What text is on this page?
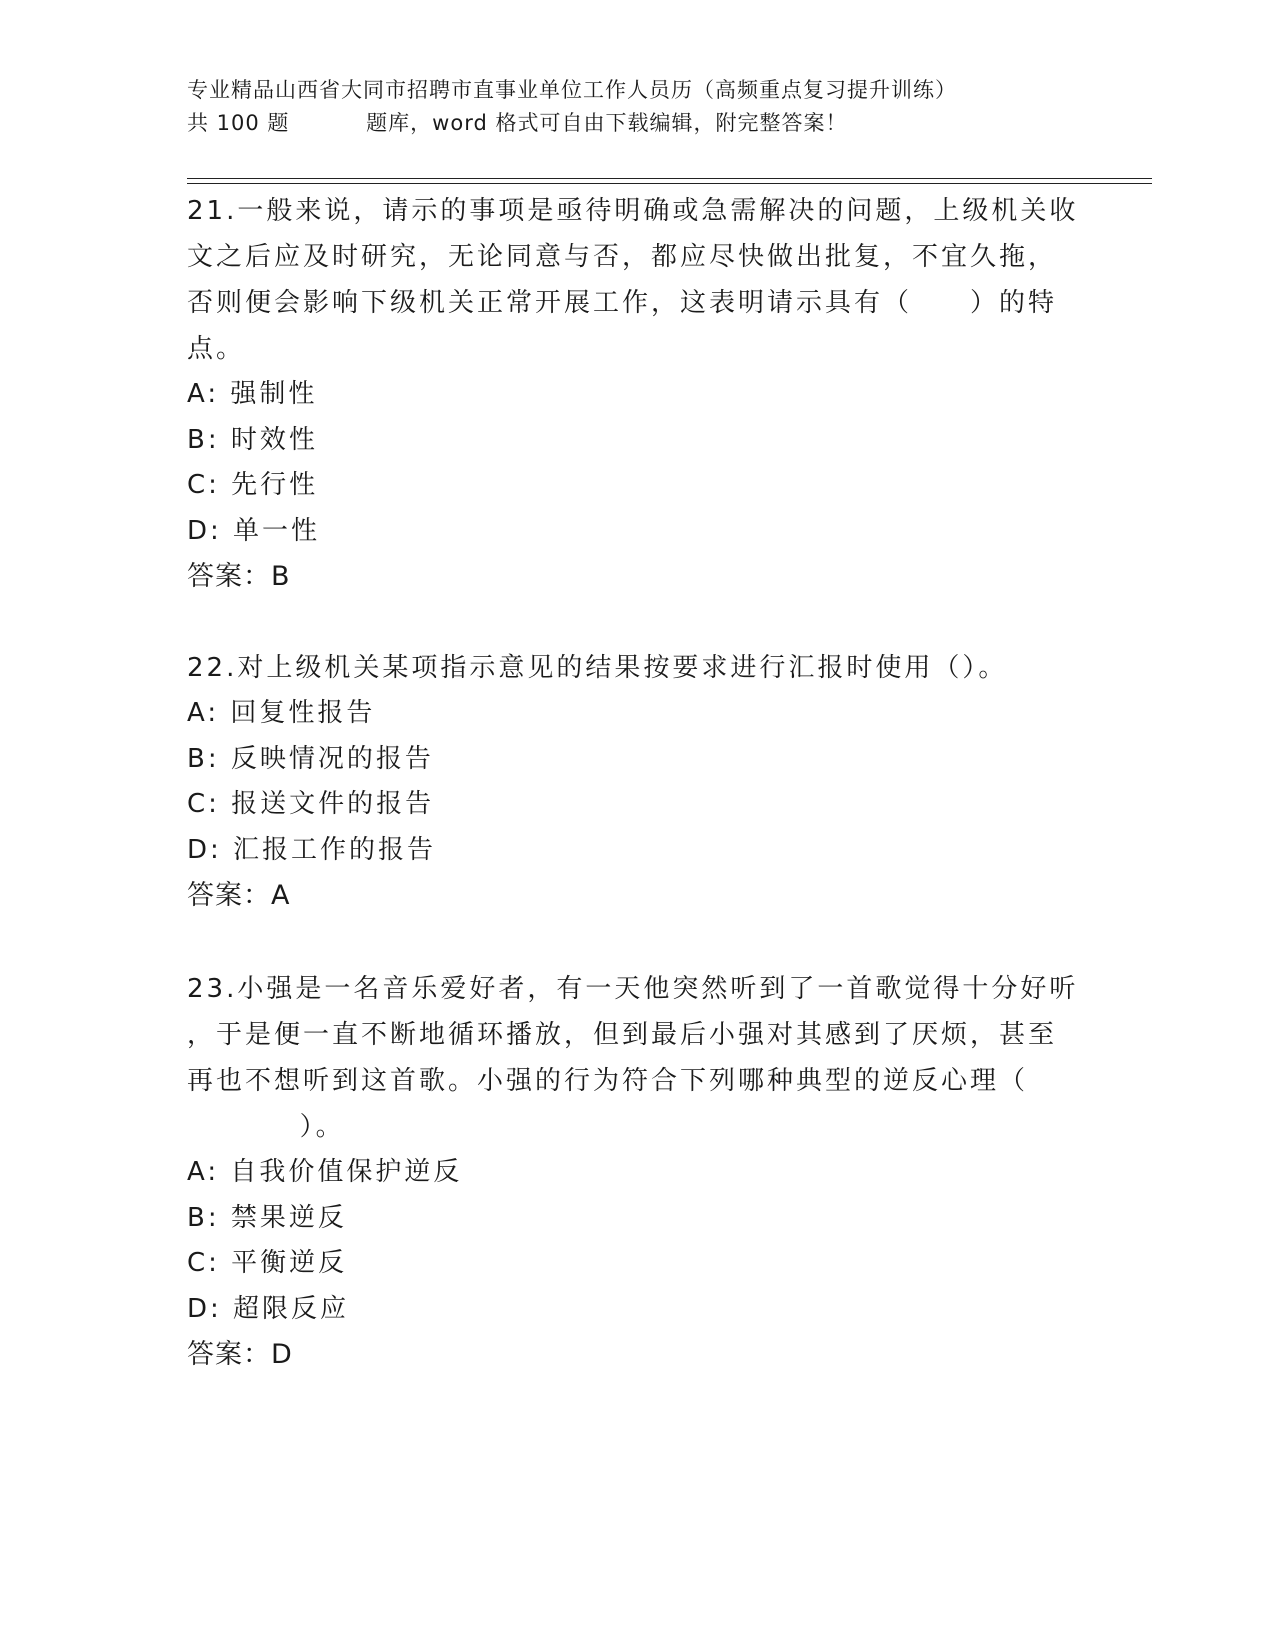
专业精品山西省大同市招聘市直事业单位工作人员历（高频重点复习提升训练）
共 100 题          题库，word 格式可自由下载编辑，附完整答案！
21.一般来说，请示的事项是亟待明确或急需解决的问题，上级机关收
文之后应及时研究，无论同意与否，都应尽快做出批复，不宜久拖，
否则便会影响下级机关正常开展工作，这表明请示具有（　　）的特
点。
A: 强制性
B: 时效性
C: 先行性
D: 单一性
答案：B
22.对上级机关某项指示意见的结果按要求进行汇报时使用（）。
A: 回复性报告
B: 反映情况的报告
C: 报送文件的报告
D: 汇报工作的报告
答案：A
23.小强是一名音乐爱好者，有一天他突然听到了一首歌觉得十分好听
，于是便一直不断地循环播放，但到最后小强对其感到了厌烦，甚至
再也不想听到这首歌。小强的行为符合下列哪种典型的逆反心理（
）。
A: 自我价值保护逆反
B: 禁果逆反
C: 平衡逆反
D: 超限反应
答案：D
